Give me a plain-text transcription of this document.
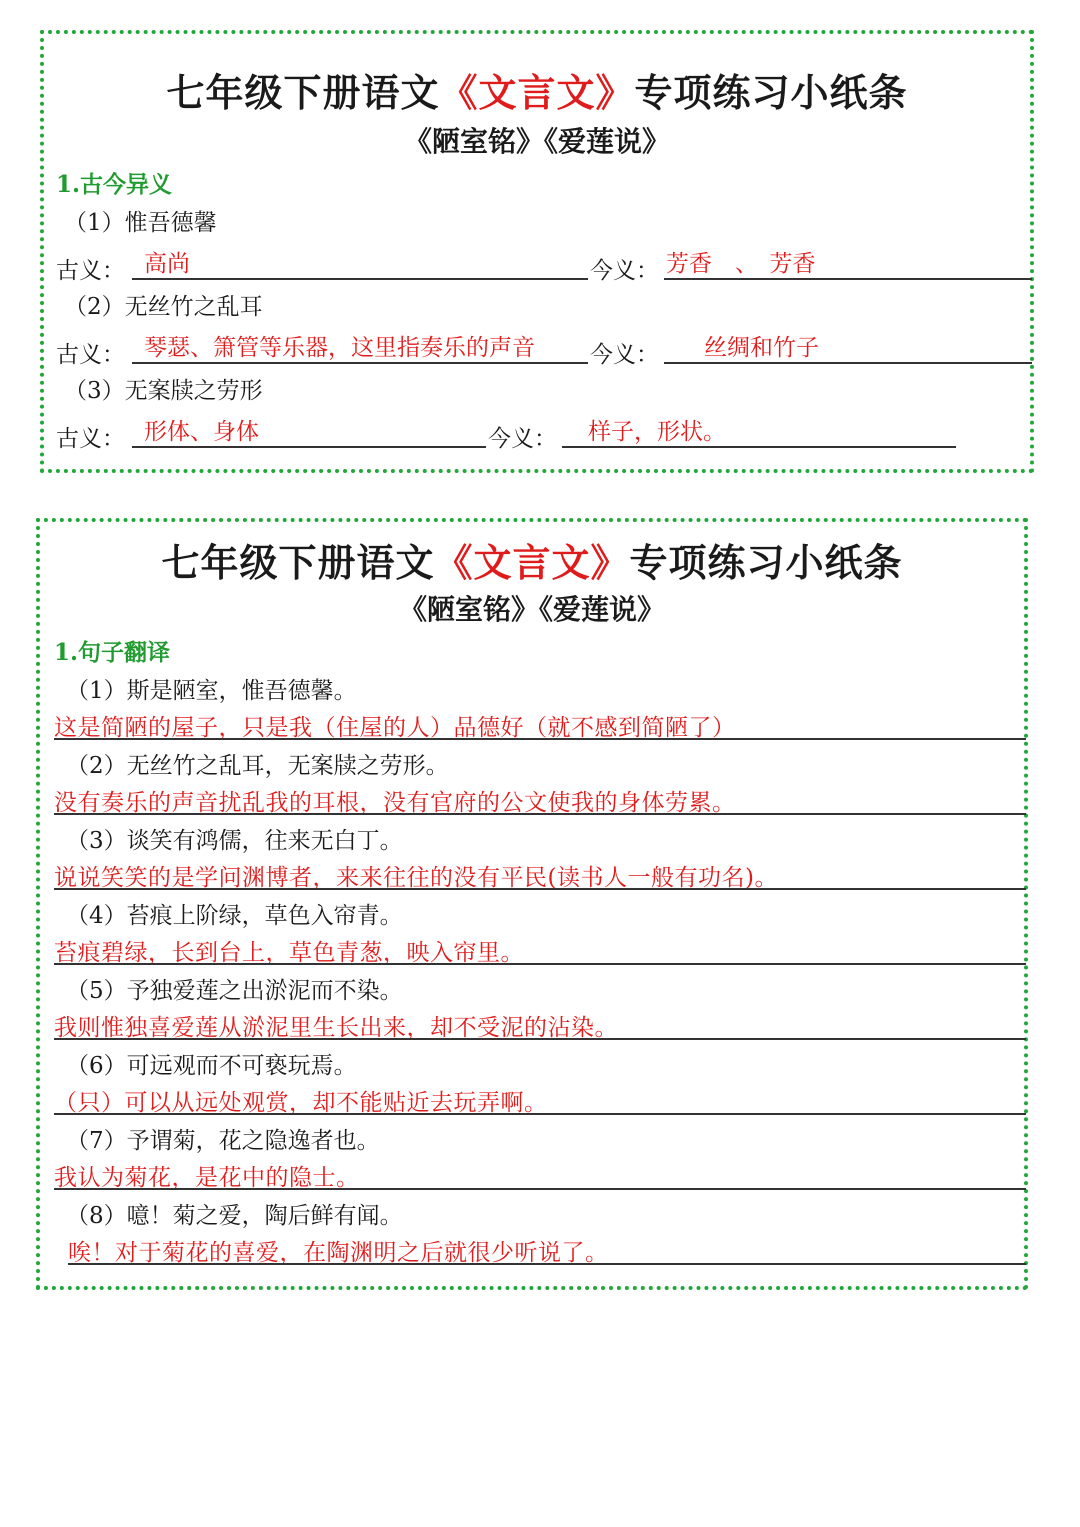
七年级下册语文《文言文》专项练习小纸条
《陋室铭》《爱莲说》
1.古今异义
（1）惟吾德馨
古义： 高尚	今义： 芳香　、　芳香
（2）无丝竹之乱耳
古义： 琴瑟、箫管等乐器，这里指奏乐的声音	今义：	丝绸和竹子
（3）无案牍之劳形
古义： 形体、身体	今义：	样子，形状。
七年级下册语文《文言文》专项练习小纸条
《陋室铭》《爱莲说》
1.句子翻译
（1）斯是陋室，惟吾德馨。
这是简陋的屋子，只是我（住屋的人）品德好（就不感到简陋了）
（2）无丝竹之乱耳，无案牍之劳形。
没有奏乐的声音扰乱我的耳根，没有官府的公文使我的身体劳累。
（3）谈笑有鸿儒，往来无白丁。
说说笑笑的是学问渊博者，来来往往的没有平民(读书人一般有功名)。
（4）苔痕上阶绿，草色入帘青。
苔痕碧绿，长到台上，草色青葱，映入帘里。
（5）予独爱莲之出淤泥而不染。
我则惟独喜爱莲从淤泥里生长出来，却不受泥的沾染。
（6）可远观而不可亵玩焉。
（只）可以从远处观赏，却不能贴近去玩弄啊。
（7）予谓菊，花之隐逸者也。
我认为菊花，是花中的隐士。
（8）噫！菊之爱，陶后鲜有闻。
唉！对于菊花的喜爱，在陶渊明之后就很少听说了。
